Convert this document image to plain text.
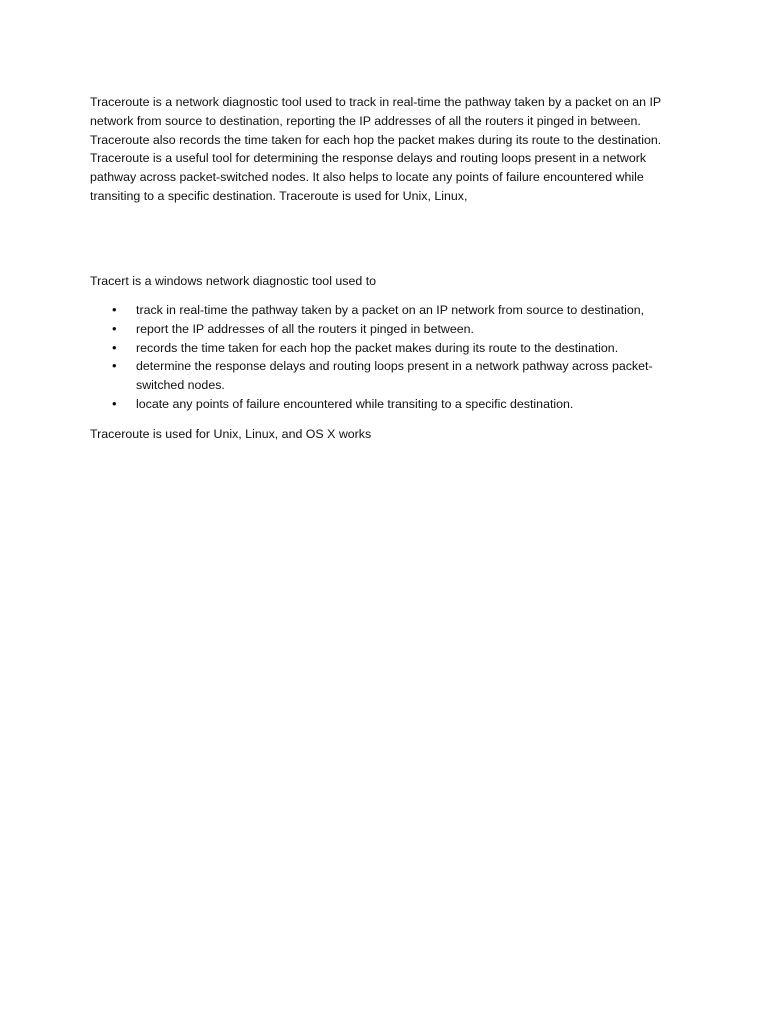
Traceroute is a network diagnostic tool used to track in real-time the pathway taken by a packet on an IP
network from source to destination, reporting the IP addresses of all the routers it pinged in between.
Traceroute also records the time taken for each hop the packet makes during its route to the destination.
Traceroute is a useful tool for determining the response delays and routing loops present in a network
pathway across packet-switched nodes. It also helps to locate any points of failure encountered while
transiting to a specific destination. Traceroute is used for Unix, Linux,

Tracert is a windows network diagnostic tool used to

• track in real-time the pathway taken by a packet on an IP network from source to destination,
• report the IP addresses of all the routers it pinged in between.
• records the time taken for each hop the packet makes during its route to the destination.
• determine the response delays and routing loops present in a network pathway across packet-
switched nodes.
• locate any points of failure encountered while transiting to a specific destination.

Traceroute is used for Unix, Linux, and OS X works
